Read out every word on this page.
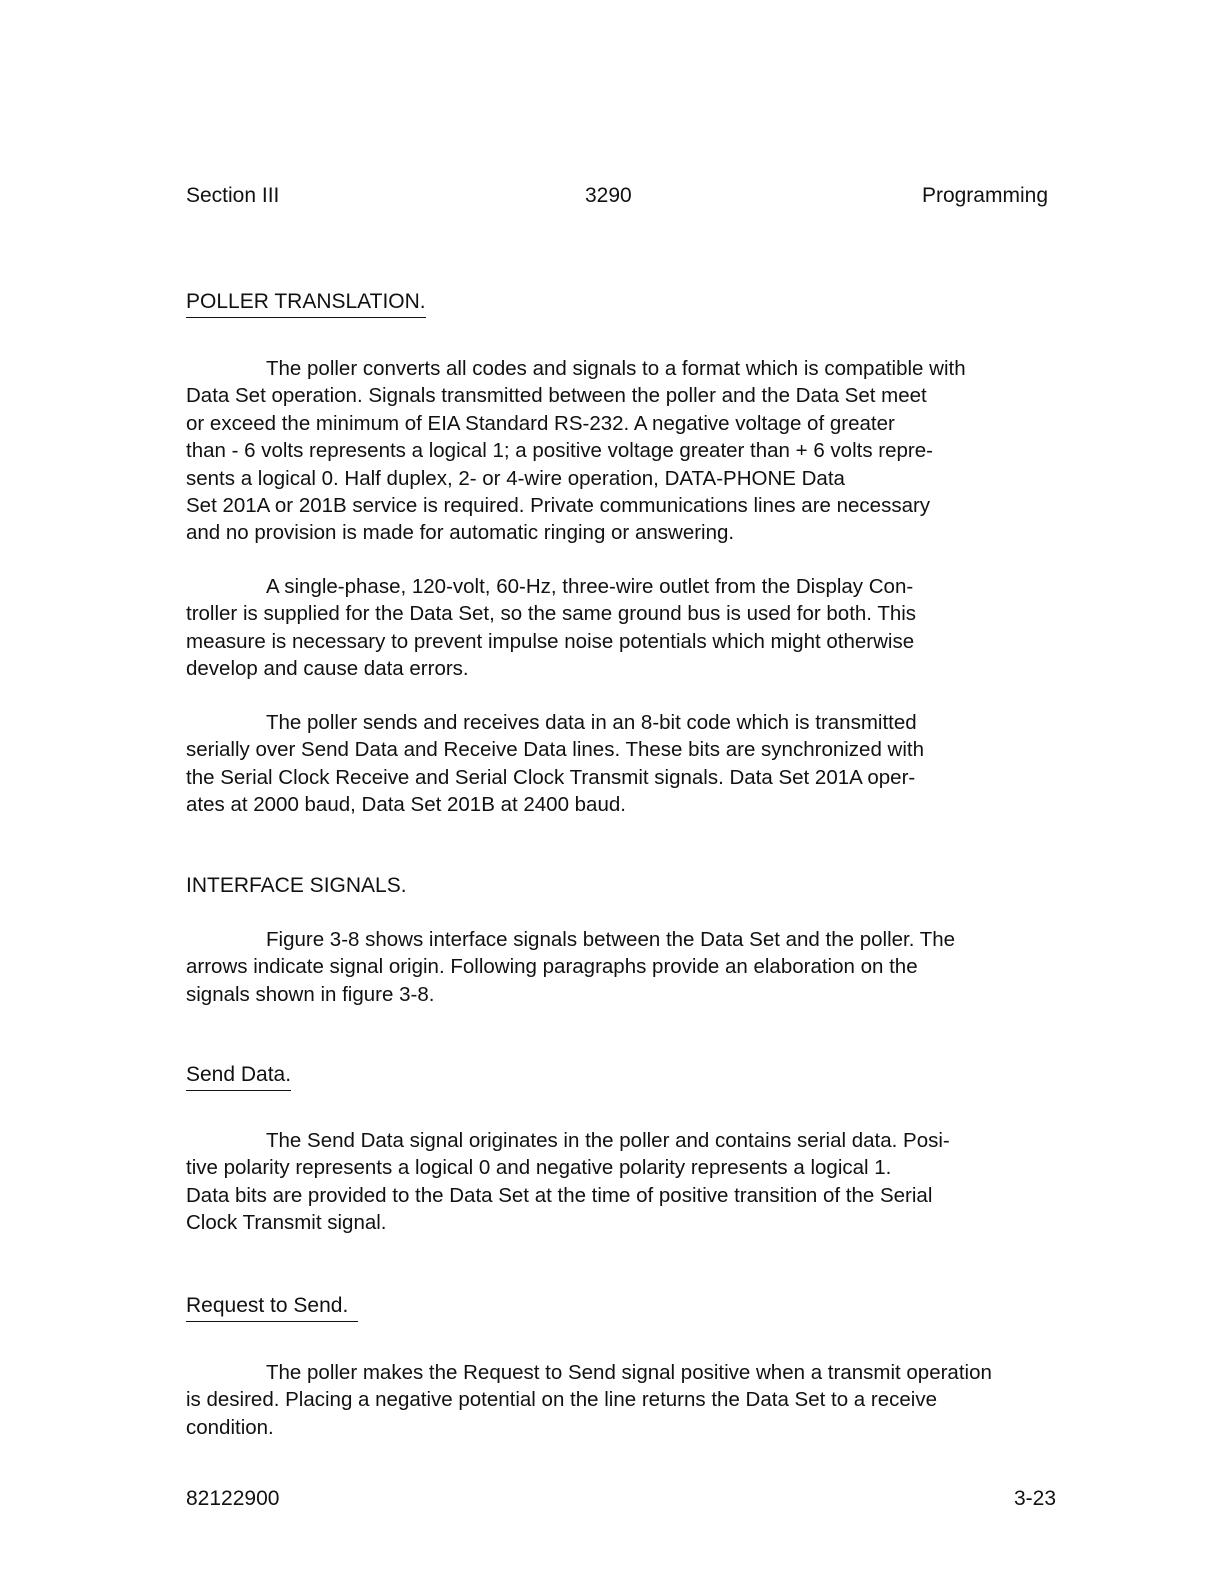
Section III	3290	Programming
POLLER TRANSLATION.

The poller converts all codes and signals to a format which is compatible with
Data Set operation. Signals transmitted between the poller and the Data Set meet
or exceed the minimum of EIA Standard RS-232. A negative voltage of greater
than - 6 volts represents a logical 1; a positive voltage greater than + 6 volts repre-
sents a logical 0. Half duplex, 2- or 4-wire operation, DATA-PHONE Data
Set 201A or 201B service is required. Private communications lines are necessary
and no provision is made for automatic ringing or answering.

A single-phase, 120-volt, 60-Hz, three-wire outlet from the Display Con-
troller is supplied for the Data Set, so the same ground bus is used for both. This
measure is necessary to prevent impulse noise potentials which might otherwise
develop and cause data errors.

The poller sends and receives data in an 8-bit code which is transmitted
serially over Send Data and Receive Data lines. These bits are synchronized with
the Serial Clock Receive and Serial Clock Transmit signals. Data Set 201A oper-
ates at 2000 baud, Data Set 201B at 2400 baud.

INTERFACE SIGNALS.

Figure 3-8 shows interface signals between the Data Set and the poller. The
arrows indicate signal origin. Following paragraphs provide an elaboration on the
signals shown in figure 3-8.

Send Data.

The Send Data signal originates in the poller and contains serial data. Posi-
tive polarity represents a logical 0 and negative polarity represents a logical 1.
Data bits are provided to the Data Set at the time of positive transition of the Serial
Clock Transmit signal.

Request to Send.

The poller makes the Request to Send signal positive when a transmit operation
is desired. Placing a negative potential on the line returns the Data Set to a receive
condition.

82122900	3-23
